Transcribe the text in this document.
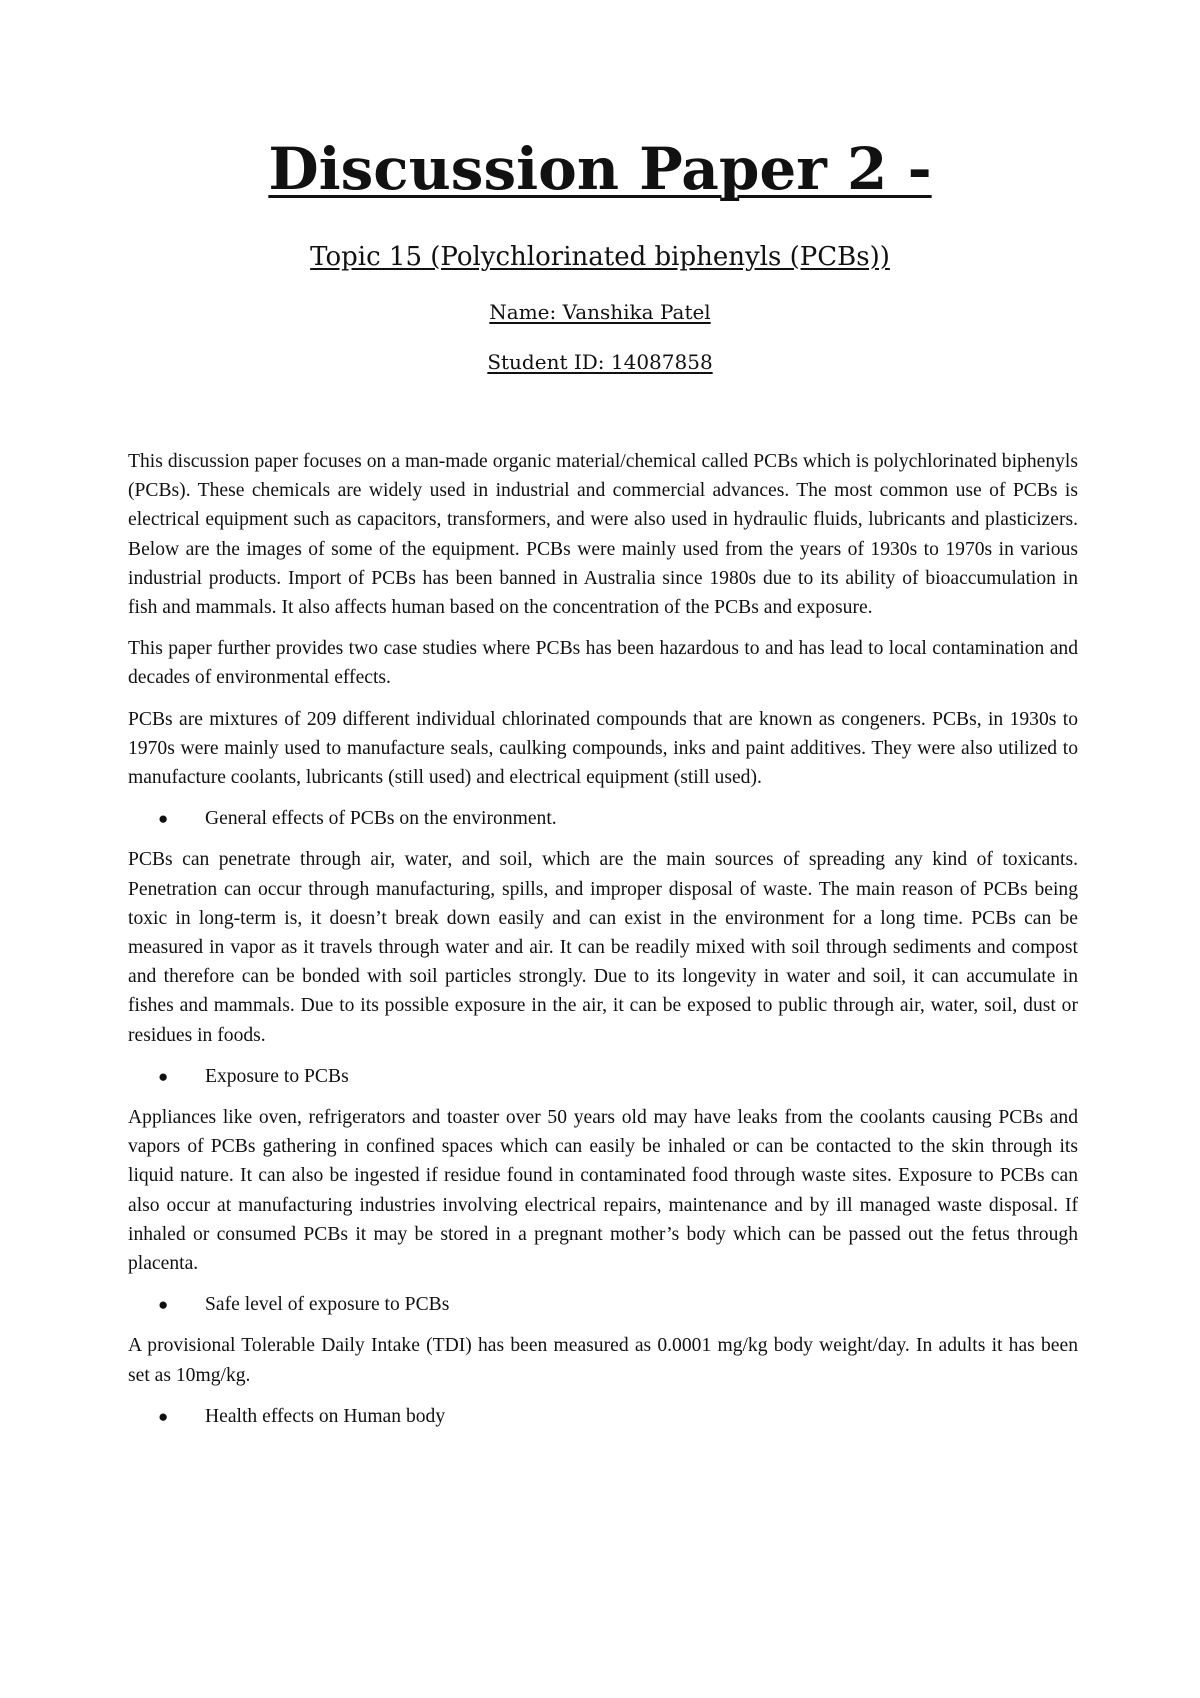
Discussion Paper 2 -
Topic 15 (Polychlorinated biphenyls (PCBs))
Name: Vanshika Patel
Student ID: 14087858

This discussion paper focuses on a man-made organic material/chemical called PCBs which is polychlorinated biphenyls (PCBs). These chemicals are widely used in industrial and commercial advances. The most common use of PCBs is electrical equipment such as capacitors, transformers, and were also used in hydraulic fluids, lubricants and plasticizers. Below are the images of some of the equipment. PCBs were mainly used from the years of 1930s to 1970s in various industrial products. Import of PCBs has been banned in Australia since 1980s due to its ability of bioaccumulation in fish and mammals. It also affects human based on the concentration of the PCBs and exposure.

This paper further provides two case studies where PCBs has been hazardous to and has lead to local contamination and decades of environmental effects.

PCBs are mixtures of 209 different individual chlorinated compounds that are known as congeners. PCBs, in 1930s to 1970s were mainly used to manufacture seals, caulking compounds, inks and paint additives. They were also utilized to manufacture coolants, lubricants (still used) and electrical equipment (still used).

●	General effects of PCBs on the environment.

PCBs can penetrate through air, water, and soil, which are the main sources of spreading any kind of toxicants. Penetration can occur through manufacturing, spills, and improper disposal of waste. The main reason of PCBs being toxic in long-term is, it doesn’t break down easily and can exist in the environment for a long time. PCBs can be measured in vapor as it travels through water and air. It can be readily mixed with soil through sediments and compost and therefore can be bonded with soil particles strongly. Due to its longevity in water and soil, it can accumulate in fishes and mammals. Due to its possible exposure in the air, it can be exposed to public through air, water, soil, dust or residues in foods.

●	Exposure to PCBs

Appliances like oven, refrigerators and toaster over 50 years old may have leaks from the coolants causing PCBs and vapors of PCBs gathering in confined spaces which can easily be inhaled or can be contacted to the skin through its liquid nature. It can also be ingested if residue found in contaminated food through waste sites. Exposure to PCBs can also occur at manufacturing industries involving electrical repairs, maintenance and by ill managed waste disposal. If inhaled or consumed PCBs it may be stored in a pregnant mother’s body which can be passed out the fetus through placenta.

●	Safe level of exposure to PCBs

A provisional Tolerable Daily Intake (TDI) has been measured as 0.0001 mg/kg body weight/day. In adults it has been set as 10mg/kg.

●	Health effects on Human body
